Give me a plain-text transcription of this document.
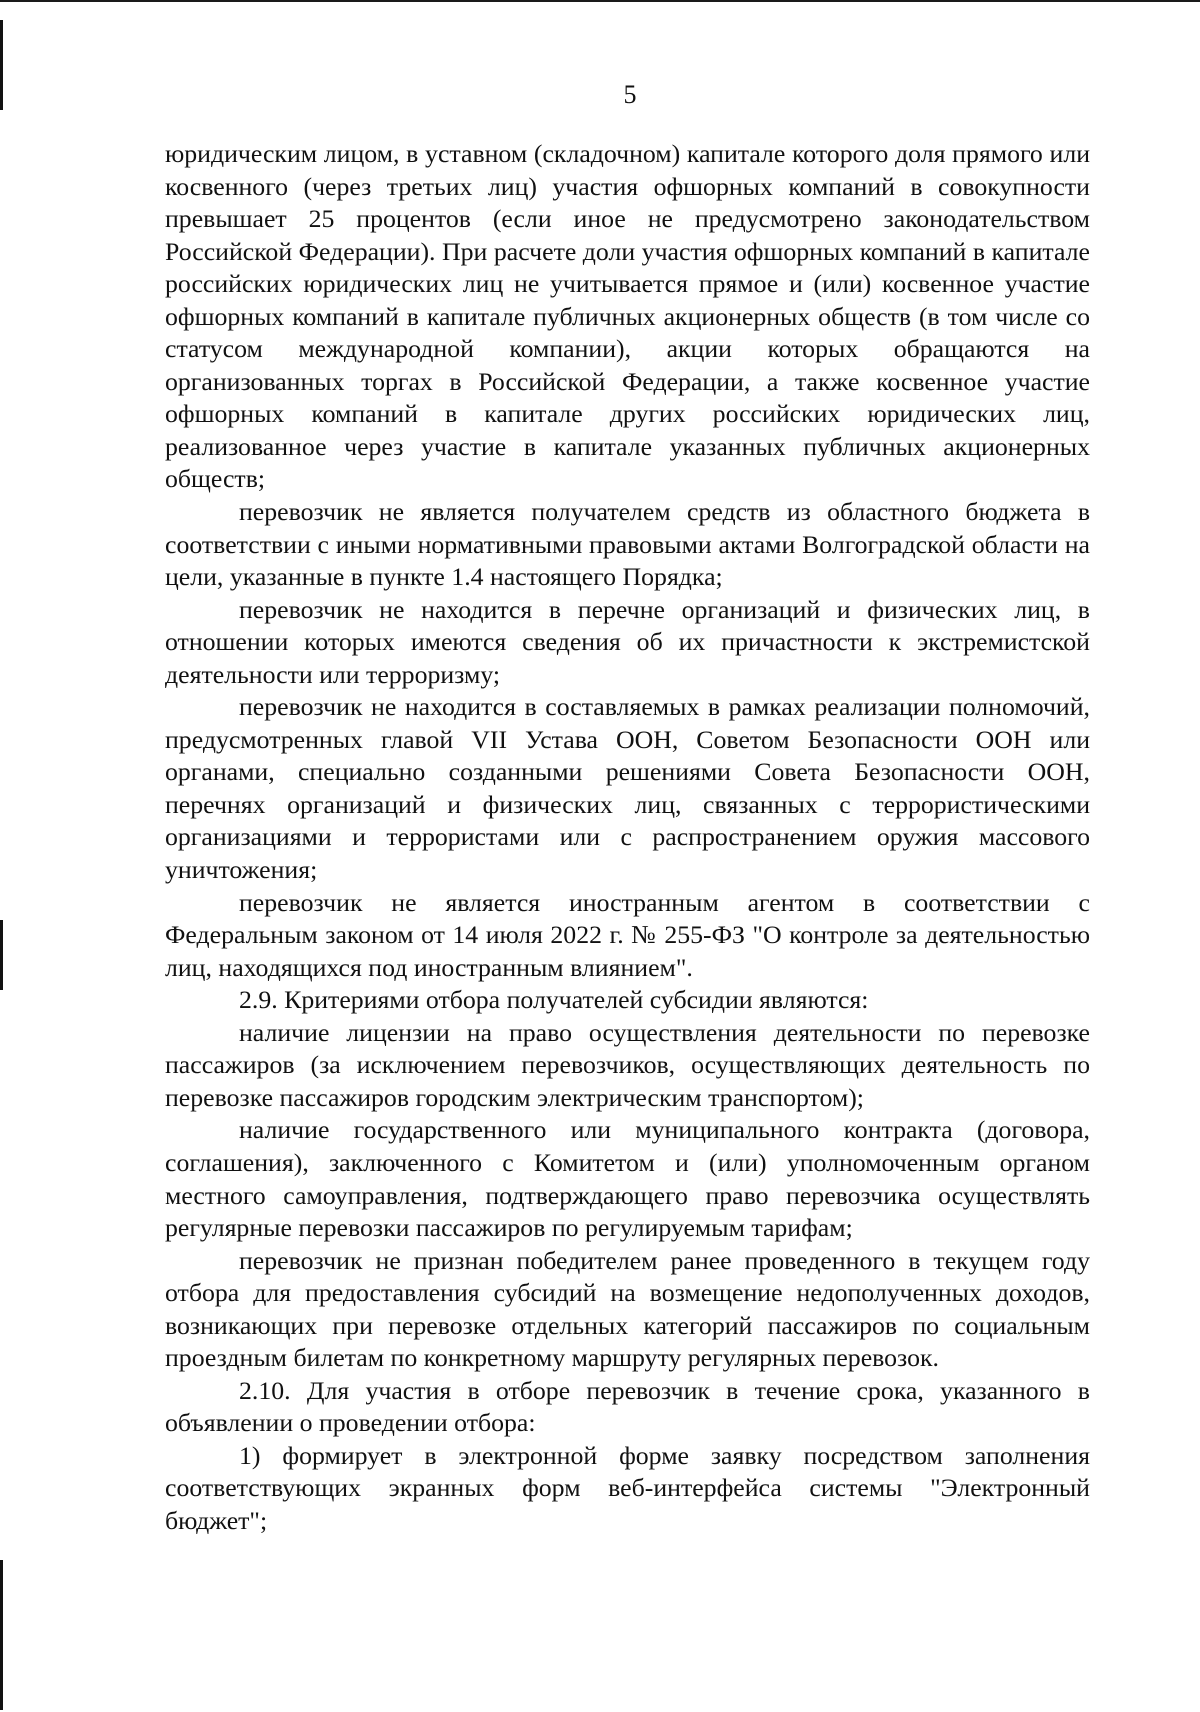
5

юридическим лицом, в уставном (складочном) капитале которого доля прямого или косвенного (через третьих лиц) участия офшорных компаний в совокупности превышает 25 процентов (если иное не предусмотрено законодательством Российской Федерации). При расчете доли участия офшорных компаний в капитале российских юридических лиц не учитывается прямое и (или) косвенное участие офшорных компаний в капитале публичных акционерных обществ (в том числе со статусом международной компании), акции которых обращаются на организованных торгах в Российской Федерации, а также косвенное участие офшорных компаний в капитале других российских юридических лиц, реализованное через участие в капитале указанных публичных акционерных обществ;

перевозчик не является получателем средств из областного бюджета в соответствии с иными нормативными правовыми актами Волгоградской области на цели, указанные в пункте 1.4 настоящего Порядка;

перевозчик не находится в перечне организаций и физических лиц, в отношении которых имеются сведения об их причастности к экстремистской деятельности или терроризму;

перевозчик не находится в составляемых в рамках реализации полномочий, предусмотренных главой VII Устава ООН, Советом Безопасности ООН или органами, специально созданными решениями Совета Безопасности ООН, перечнях организаций и физических лиц, связанных с террористическими организациями и террористами или с распространением оружия массового уничтожения;

перевозчик не является иностранным агентом в соответствии с Федеральным законом от 14 июля 2022 г. № 255-ФЗ "О контроле за деятельностью лиц, находящихся под иностранным влиянием".

2.9. Критериями отбора получателей субсидии являются:

наличие лицензии на право осуществления деятельности по перевозке пассажиров (за исключением перевозчиков, осуществляющих деятельность по перевозке пассажиров городским электрическим транспортом);

наличие государственного или муниципального контракта (договора, соглашения), заключенного с Комитетом и (или) уполномоченным органом местного самоуправления, подтверждающего право перевозчика осуществлять регулярные перевозки пассажиров по регулируемым тарифам;

перевозчик не признан победителем ранее проведенного в текущем году отбора для предоставления субсидий на возмещение недополученных доходов, возникающих при перевозке отдельных категорий пассажиров по социальным проездным билетам по конкретному маршруту регулярных перевозок.

2.10. Для участия в отборе перевозчик в течение срока, указанного в объявлении о проведении отбора:

1) формирует в электронной форме заявку посредством заполнения соответствующих экранных форм веб-интерфейса системы "Электронный бюджет";
